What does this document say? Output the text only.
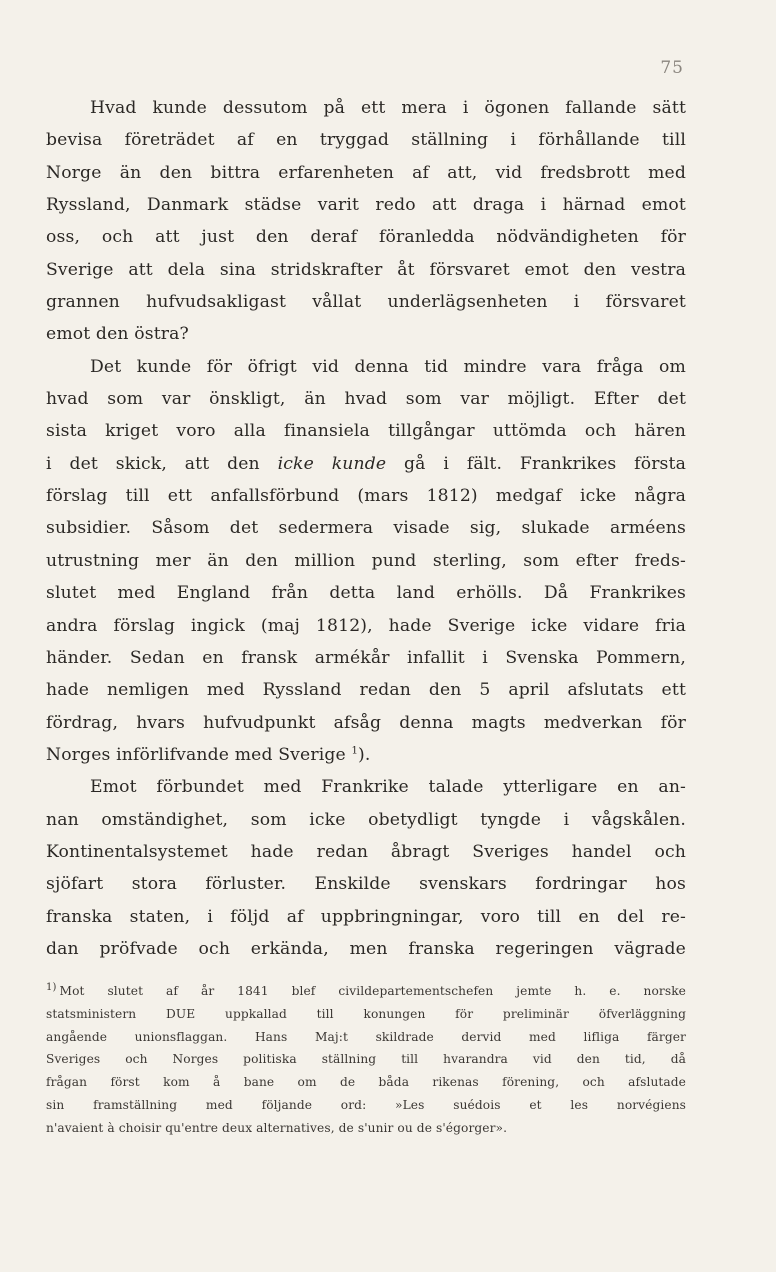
75
Hvad kunde dessutom på ett mera i ögonen fallande sätt
bevisa företrädet af en tryggad ställning i förhållande till
Norge än den bittra erfarenheten af att, vid fredsbrott med
Ryssland, Danmark städse varit redo att draga i härnad emot
oss, och att just den deraf föranledda nödvändigheten för
Sverige att dela sina stridskrafter åt försvaret emot den vestra
grannen hufvudsakligast vållat underlägsenheten i försvaret
emot den östra?
Det kunde för öfrigt vid denna tid mindre vara fråga om
hvad som var önskligt, än hvad som var möjligt. Efter det
sista kriget voro alla finansiela tillgångar uttömda och hären
i det skick, att den icke kunde gå i fält. Frankrikes första
förslag till ett anfallsförbund (mars 1812) medgaf icke några
subsidier. Såsom det sedermera visade sig, slukade arméens
utrustning mer än den million pund sterling, som efter freds-
slutet med England från detta land erhölls. Då Frankrikes
andra förslag ingick (maj 1812), hade Sverige icke vidare fria
händer. Sedan en fransk armékår infallit i Svenska Pommern,
hade nemligen med Ryssland redan den 5 april afslutats ett
fördrag, hvars hufvudpunkt afsåg denna magts medverkan för
Norges införlifvande med Sverige $^1$).
Emot förbundet med Frankrike talade ytterligare en an-
nan omständighet, som icke obetydligt tyngde i vågskålen.
Kontinentalsystemet hade redan åbragt Sveriges handel och
sjöfart stora förluster. Enskilde svenskars fordringar hos
franska staten, i följd af uppbringningar, voro till en del re-
dan pröfvade och erkända, men franska regeringen vägrade
$^{1)}$ Mot slutet af år 1841 blef civildepartementschefen jemte h. e. norske
statsministern DUE uppkallad till konungen för preliminär öfverläggning
angående unionsflaggan. Hans Maj:t skildrade dervid med lifliga färger
Sveriges och Norges politiska ställning till hvarandra vid den tid, då
frågan först kom å bane om de båda rikenas förening, och afslutade
sin framställning med följande ord: »Les suédois et les norvégiens
n'avaient à choisir qu'entre deux alternatives, de s'unir ou de s'égorger».
